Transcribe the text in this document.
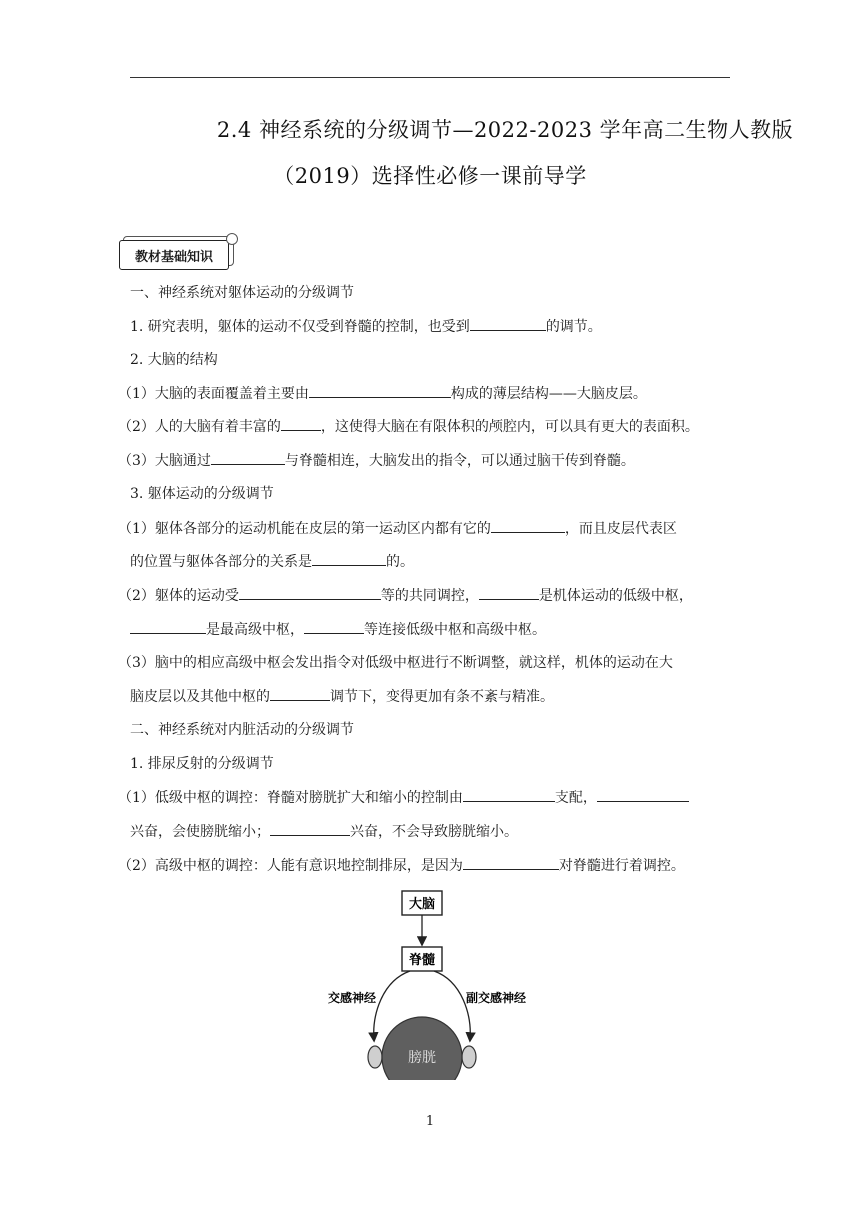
2.4 神经系统的分级调节—2022-2023 学年高二生物人教版
（2019）选择性必修一课前导学
教材基础知识
一、神经系统对躯体运动的分级调节
1. 研究表明，躯体的运动不仅受到脊髓的控制，也受到	的调节。
2. 大脑的结构
（1）大脑的表面覆盖着主要由	构成的薄层结构——大脑皮层。
（2）人的大脑有着丰富的	，这使得大脑在有限体积的颅腔内，可以具有更大的表面积。
（3）大脑通过	与脊髓相连，大脑发出的指令，可以通过脑干传到脊髓。
3. 躯体运动的分级调节
（1）躯体各部分的运动机能在皮层的第一运动区内都有它的	，而且皮层代表区
的位置与躯体各部分的关系是	的。
（2）躯体的运动受	等的共同调控，	是机体运动的低级中枢，
是最高级中枢，	等连接低级中枢和高级中枢。
（3）脑中的相应高级中枢会发出指令对低级中枢进行不断调整，就这样，机体的运动在大
脑皮层以及其他中枢的	调节下，变得更加有条不紊与精准。
二、神经系统对内脏活动的分级调节
1. 排尿反射的分级调节
（1）低级中枢的调控：脊髓对膀胱扩大和缩小的控制由	支配，
兴奋，会使膀胱缩小；	兴奋，不会导致膀胱缩小。
（2）高级中枢的调控：人能有意识地控制排尿，是因为	对脊髓进行着调控。
大脑
脊髓
交感神经	副交感神经
膀胱
1
